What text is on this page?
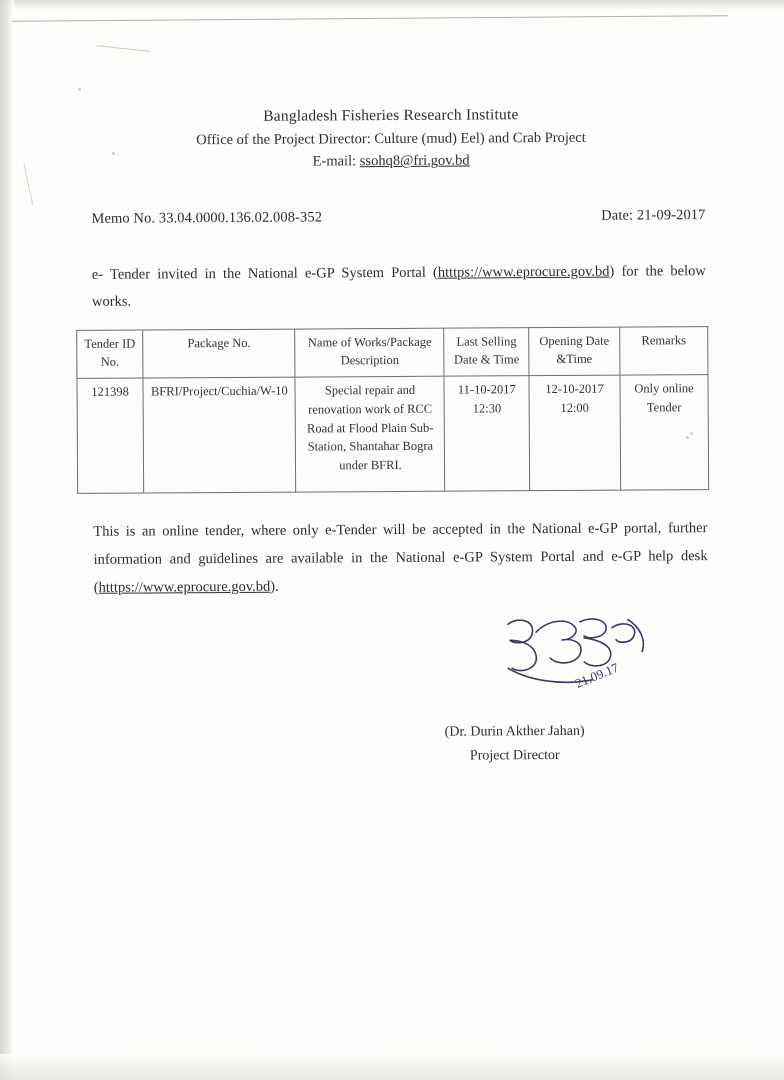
Bangladesh Fisheries Research Institute
Office of the Project Director: Culture (mud) Eel) and Crab Project
E-mail: ssohq8@fri.gov.bd
Memo No. 33.04.0000.136.02.008-352	Date: 21-09-2017
e- Tender invited in the National e-GP System Portal (htttps://www.eprocure.gov.bd) for the below works.
Tender ID No.	Package No.	Name of Works/Package Description	Last Selling Date & Time	Opening Date &Time	Remarks
121398	BFRI/Project/Cuchia/W-10	Special repair and renovation work of RCC Road at Flood Plain Sub-Station, Shantahar Bogra under BFRI.	11-10-2017 12:30	12-10-2017 12:00	Only online Tender
This is an online tender, where only e-Tender will be accepted in the National e-GP portal, further information and guidelines are available in the National e-GP System Portal and e-GP help desk (htttps://www.eprocure.gov.bd).
21.09.17
(Dr. Durin Akther Jahan)
Project Director
